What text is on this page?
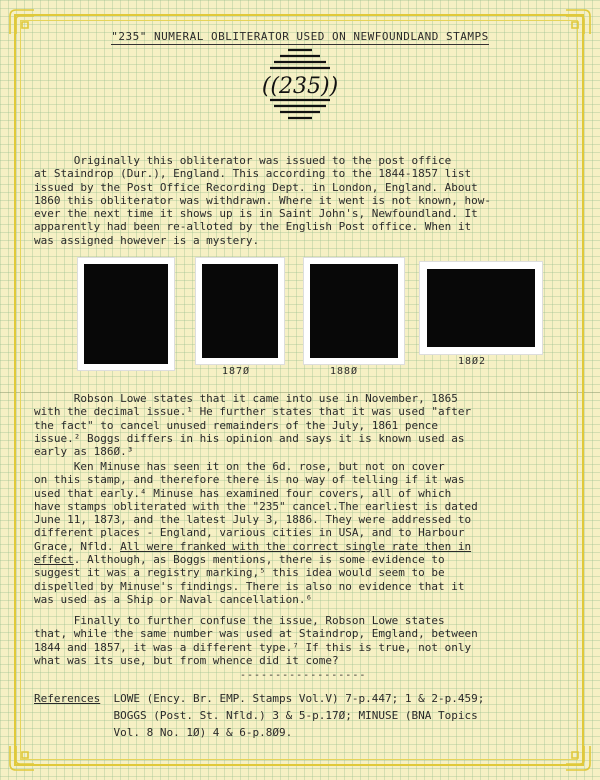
"235" NUMERAL OBLITERATOR USED ON NEWFOUNDLAND STAMPS
((235))
Originally this obliterator was issued to the post office
at Staindrop (Dur.), England. This according to the 1844-1857 list
issued by the Post Office Recording Dept. in London, England. About
1860 this obliterator was withdrawn. Where it went is not known, how-
ever the next time it shows up is in Saint John's, Newfoundland. It
apparently had been re-alloted by the English Post office. When it
was assigned however is a mystery.
187Ø	188Ø
18Ø2
Robson Lowe states that it came into use in November, 1865
with the decimal issue.¹ He further states that it was used "after
the fact" to cancel unused remainders of the July, 1861 pence
issue.² Boggs differs in his opinion and says it is known used as
early as 186Ø.³
Ken Minuse has seen it on the 6d. rose, but not on cover
on this stamp, and therefore there is no way of telling if it was
used that early.⁴ Minuse has examined four covers, all of which
have stamps obliterated with the "235" cancel.The earliest is dated
June 11, 1873, and the latest July 3, 1886. They were addressed to
different places - England, various cities in USA, and to Harbour
Grace, Nfld. All were franked with the correct single rate then in
effect. Although, as Boggs mentions, there is some evidence to
suggest it was a registry marking,⁵ this idea would seem to be
dispelled by Minuse's findings. There is also no evidence that it
was used as a Ship or Naval cancellation.⁶
Finally to further confuse the issue, Robson Lowe states
that, while the same number was used at Staindrop, Emgland, between
1844 and 1857, it was a different type.⁷ If this is true, not only
what was its use, but from whence did it come?
------------------
References  LOWE (Ency. Br. EMP. Stamps Vol.V) 7-p.447; 1 & 2-p.459;
BOGGS (Post. St. Nfld.) 3 & 5-p.17Ø; MINUSE (BNA Topics
Vol. 8 No. 1Ø) 4 & 6-p.8Ø9.
